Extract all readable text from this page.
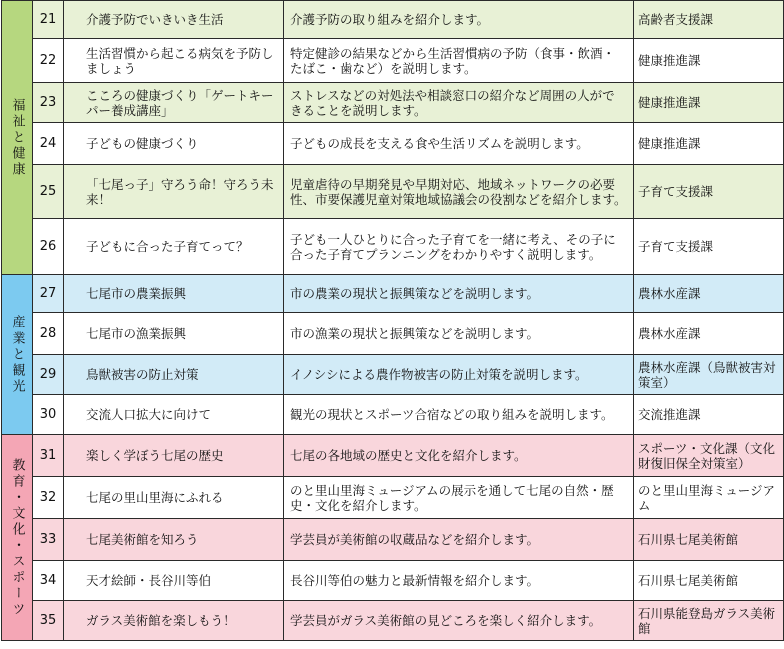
福祉と健康	21	介護予防でいきいき生活	介護予防の取り組みを紹介します。	高齢者支援課
	22	生活習慣から起こる病気を予防しましょう	特定健診の結果などから生活習慣病の予防（食事・飲酒・たばこ・歯など）を説明します。	健康推進課
	23	こころの健康づくり「ゲートキーパー養成講座」	ストレスなどの対処法や相談窓口の紹介など周囲の人ができることを説明します。	健康推進課
	24	子どもの健康づくり	子どもの成長を支える食や生活リズムを説明します。	健康推進課
	25	「七尾っ子」守ろう命！守ろう未来！	児童虐待の早期発見や早期対応、地域ネットワークの必要性、市要保護児童対策地域協議会の役割などを紹介します。	子育て支援課
	26	子どもに合った子育てって？	子ども一人ひとりに合った子育てを一緒に考え、その子に合った子育てプランニングをわかりやすく説明します。	子育て支援課
産業と観光	27	七尾市の農業振興	市の農業の現状と振興策などを説明します。	農林水産課
	28	七尾市の漁業振興	市の漁業の現状と振興策などを説明します。	農林水産課
	29	鳥獣被害の防止対策	イノシシによる農作物被害の防止対策を説明します。	農林水産課（鳥獣被害対策室）
	30	交流人口拡大に向けて	観光の現状とスポーツ合宿などの取り組みを説明します。	交流推進課
教育・文化・スポーツ	31	楽しく学ぼう七尾の歴史	七尾の各地域の歴史と文化を紹介します。	スポーツ・文化課（文化財復旧保全対策室）
	32	七尾の里山里海にふれる	のと里山里海ミュージアムの展示を通して七尾の自然・歴史・文化を紹介します。	のと里山里海ミュージアム
	33	七尾美術館を知ろう	学芸員が美術館の収蔵品などを紹介します。	石川県七尾美術館
	34	天才絵師・長谷川等伯	長谷川等伯の魅力と最新情報を紹介します。	石川県七尾美術館
	35	ガラス美術館を楽しもう！	学芸員がガラス美術館の見どころを楽しく紹介します。	石川県能登島ガラス美術館
